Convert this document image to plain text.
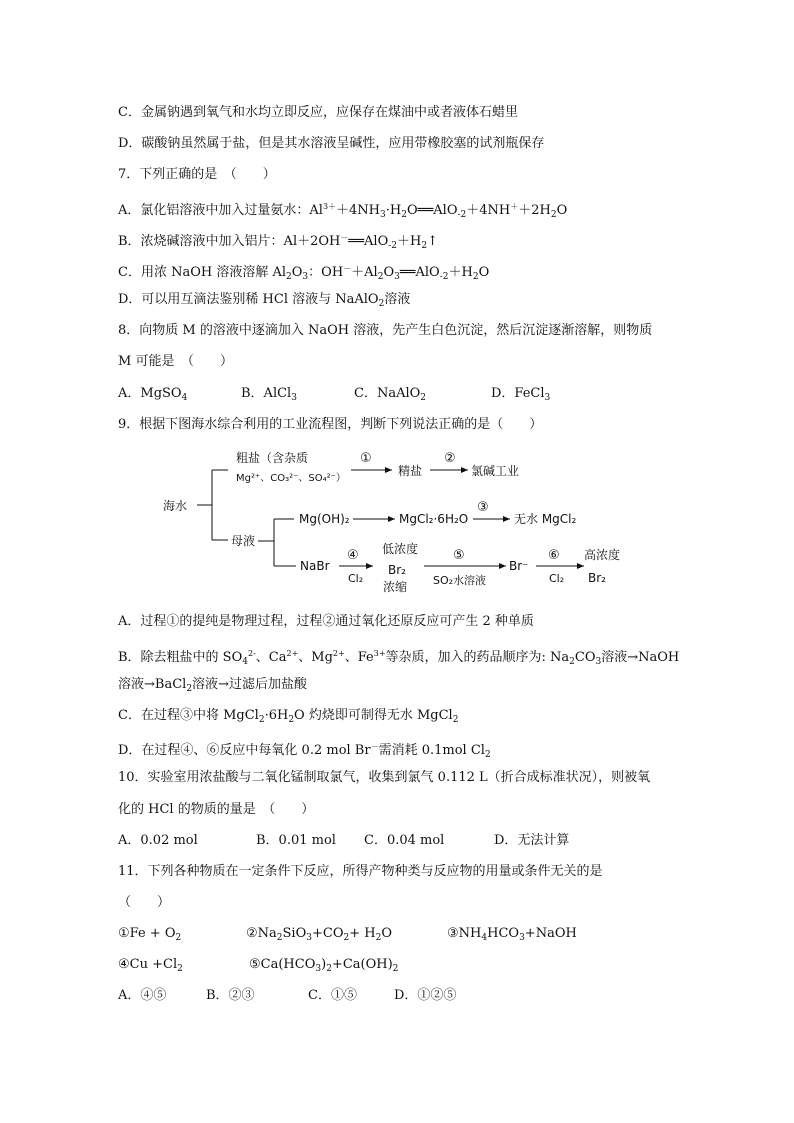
C．金属钠遇到氧气和水均立即反应，应保存在煤油中或者液体石蜡里
D．碳酸钠虽然属于盐，但是其水溶液呈碱性，应用带橡胶塞的试剂瓶保存
7．下列正确的是　（　　）
A．氯化铝溶液中加入过量氨水：$Al^{3+}+4NH_3\cdot H_2O══AlO_{-2}+4NH^++2H_2O$
B．浓烧碱溶液中加入铝片：$Al+2OH^-══AlO_{-2}+H_2↑$
C．用浓 NaOH 溶液溶解 $Al_2O_3$：$OH^-+Al_2O_3══AlO_{-2}+H_2O$
D．可以用互滴法鉴别稀 HCl 溶液与 NaAlO$_2$溶液
8．向物质 M 的溶液中逐滴加入 NaOH 溶液，先产生白色沉淀，然后沉淀逐渐溶解，则物质
M 可能是　（　　）
A．MgSO$_4$	B．AlCl$_3$	C．NaAlO$_2$	D．FeCl$_3$
9．根据下图海水综合利用的工业流程图，判断下列说法正确的是（　　）
海水
粗盐（含杂质
Mg²⁺、CO₃²⁻、SO₄²⁻）
①
精盐
②
氯碱工业
母液
Mg(OH)₂	MgCl₂·6H₂O
③
无水 MgCl₂
NaBr
④
Cl₂
低浓度
Br₂
浓缩
⑤
SO₂水溶液
Br⁻
⑥
Cl₂
高浓度
Br₂
A．过程①的提纯是物理过程，过程②通过氧化还原反应可产生 2 种单质
B．除去粗盐中的 $SO_4^{2-}$、$Ca^{2+}$、$Mg^{2+}$、$Fe^{3+}$等杂质，加入的药品顺序为: $Na_2CO_3$溶液→NaOH
溶液→BaCl$_2$溶液→过滤后加盐酸
C．在过程③中将 $MgCl_2\cdot 6H_2O$ 灼烧即可制得无水 MgCl$_2$
D．在过程④、⑥反应中每氧化 0.2 mol Br－需消耗 0.1mol $Cl_2$
10．实验室用浓盐酸与二氧化锰制取氯气，收集到氯气 0.112 L（折合成标准状况），则被氧
化的 HCl 的物质的量是　（　　）
A．0.02 mol	B．0.01 mol C．0.04 mol	D．无法计算
11．下列各种物质在一定条件下反应，所得产物种类与反应物的用量或条件无关的是
（　　）
①Fe + $O_2$	$②Na_2SiO_3+CO_2+ H_2O$	$③NH_4HCO_3+NaOH$
④Cu $+Cl_2$	$⑤Ca(HCO_3)_2+Ca(OH)_2$
A．④⑤	B．②③	C．①⑤	D．①②⑤
